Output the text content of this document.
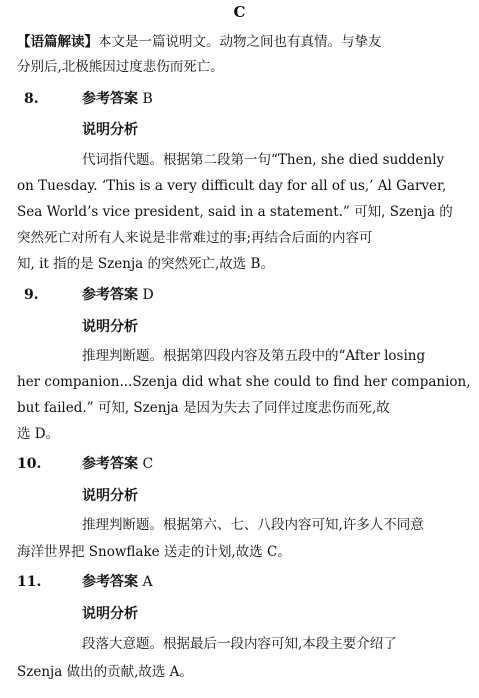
C
【语篇解读】本文是一篇说明文。动物之间也有真情。与挚友
分别后,北极熊因过度悲伤而死亡。
8.	参考答案 B
说明分析
代词指代题。根据第二段第一句“Then, she died suddenly
on Tuesday. ‘This is a very difficult day for all of us,’ Al Garver,
Sea World’s vice president, said in a statement.” 可知, Szenja 的
突然死亡对所有人来说是非常难过的事;再结合后面的内容可
知, it 指的是 Szenja 的突然死亡,故选 B。
9.	参考答案 D
说明分析
推理判断题。根据第四段内容及第五段中的“After losing
her companion...Szenja did what she could to find her companion,
but failed.” 可知, Szenja 是因为失去了同伴过度悲伤而死,故
选 D。
10.	参考答案 C
说明分析
推理判断题。根据第六、七、八段内容可知,许多人不同意
海洋世界把 Snowflake 送走的计划,故选 C。
11.	参考答案 A
说明分析
段落大意题。根据最后一段内容可知,本段主要介绍了
Szenja 做出的贡献,故选 A。
